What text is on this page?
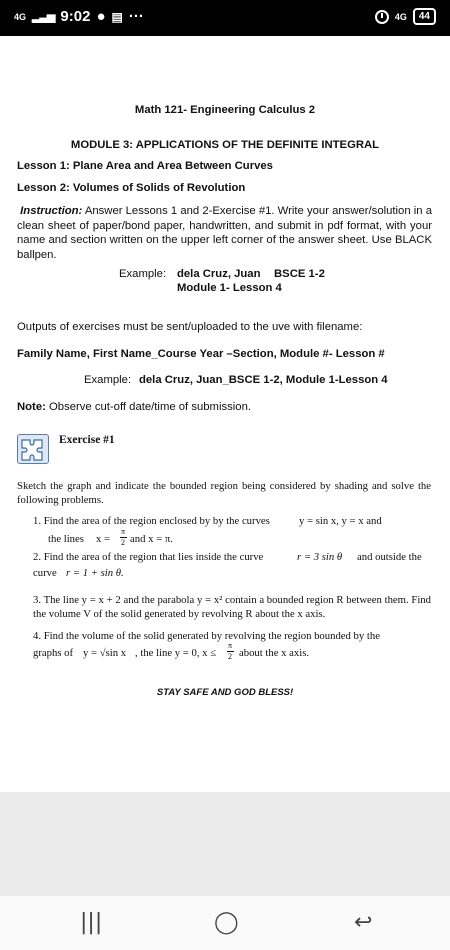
4G ▂▃▅ 9:02 ● ▤ ···	4G	44
Math 121- Engineering Calculus 2
MODULE 3: APPLICATIONS OF THE DEFINITE INTEGRAL
Lesson 1: Plane Area and Area Between Curves
Lesson 2: Volumes of Solids of Revolution
Instruction: Answer Lessons 1 and 2-Exercise #1. Write your answer/solution in a clean sheet of paper/bond paper, handwritten, and submit in pdf format, with your name and section written on the upper left corner of the answer sheet. Use BLACK ballpen.
Example: dela Cruz, Juan BSCE 1-2
Module 1- Lesson 4
Outputs of exercises must be sent/uploaded to the uve with filename:
Family Name, First Name_Course Year –Section, Module #- Lesson #
Example: dela Cruz, Juan_BSCE 1-2, Module 1-Lesson 4
Note: Observe cut-off date/time of submission.
Exercise #1
Sketch the graph and indicate the bounded region being considered by shading and solve the following problems.
1. Find the area of the region enclosed by by the curves	y = sin x, y = x and
the lines x =
π
2 and x = π.
2. Find the area of the region that lies inside the curve	r = 3 sin θ and outside the
curve r = 1 + sin θ.
3. The line y = x + 2 and the parabola y = x² contain a bounded region R between them. Find the volume V of the solid generated by revolving R about the x axis.
4. Find the volume of the solid generated by revolving the region bounded by the
graphs of y = √sin x , the line y = 0, x ≤
π
2 about the x axis.
STAY SAFE AND GOD BLESS!
|||	◯	↩
